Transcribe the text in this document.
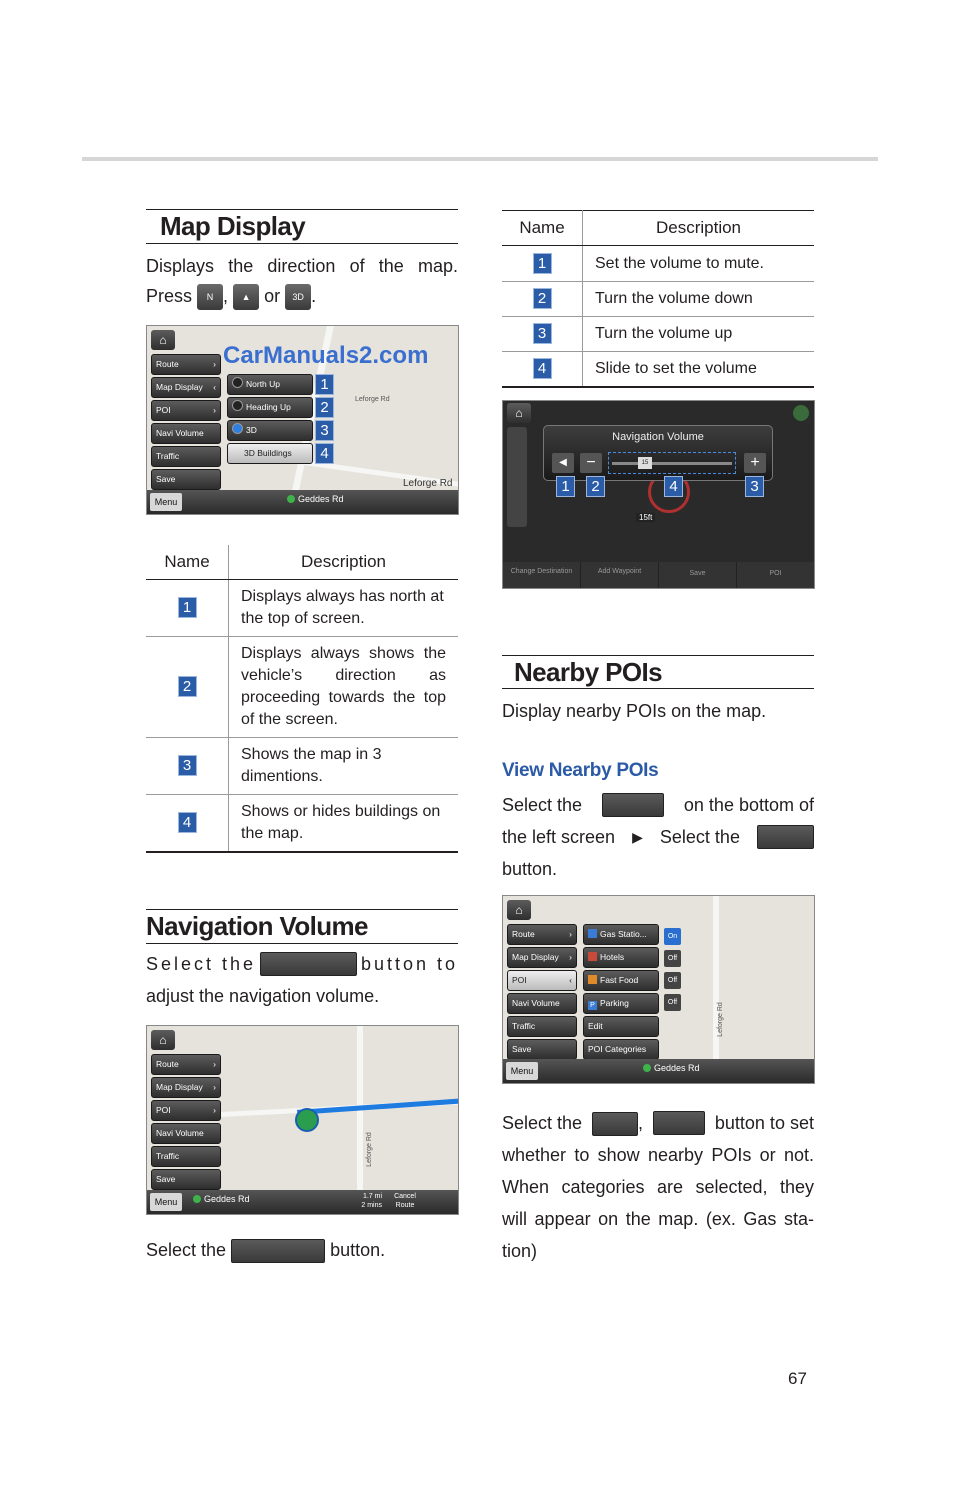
Map Display
Displays the direction of the map.
Press N , ▲ or 3D .
⌂
CarManuals2.com
Route	›
Map Display ‹
POI	›
Navi Volume
Traffic
Save
North Up
Heading Up
3D
3D Buildings
1
2
3
4
Leforge Rd
Leforge Rd
Menu	Geddes Rd
Name	Description
1	Displays always has north at the top of screen.
2	Displays always shows the vehicle’s direction as proceeding towards the top of the screen.
3	Shows the map in 3 dimentions.
4	Shows or hides buildings on the map.
Navigation Volume
Select the	button to
adjust the navigation volume.
Leforge Rd
⌂
Route	›
Map Display ›
POI	›
Navi Volume
Traffic
Save
Menu	Geddes Rd	1.7 mi
2 mins
Cancel
Route
Select the	button.
Name	Description
1	Set the volume to mute.
2	Turn the volume down
3	Turn the volume up
4	Slide to set the volume
⌂
15ft
Navigation Volume
◀	−	15	+
1	2	4	3
Change Destination	Add Waypoint	Save	POI
Nearby POIs
Display nearby POIs on the map.
View Nearby POIs
Select the	on the bottom of
the left screen ▶ Select the
button.
Leforge Rd
⌂
Route	›
Map Display ›
POI	‹
Navi Volume
Traffic
Save
Gas Statio...
Hotels
Fast Food
P Parking
Edit
POI Categories
On
Off
Off
Off
Menu	Geddes Rd
Select the	,	button to set
whether to show nearby POIs or not.
When categories are selected, they
will appear on the map. (ex. Gas sta-
tion)
67
